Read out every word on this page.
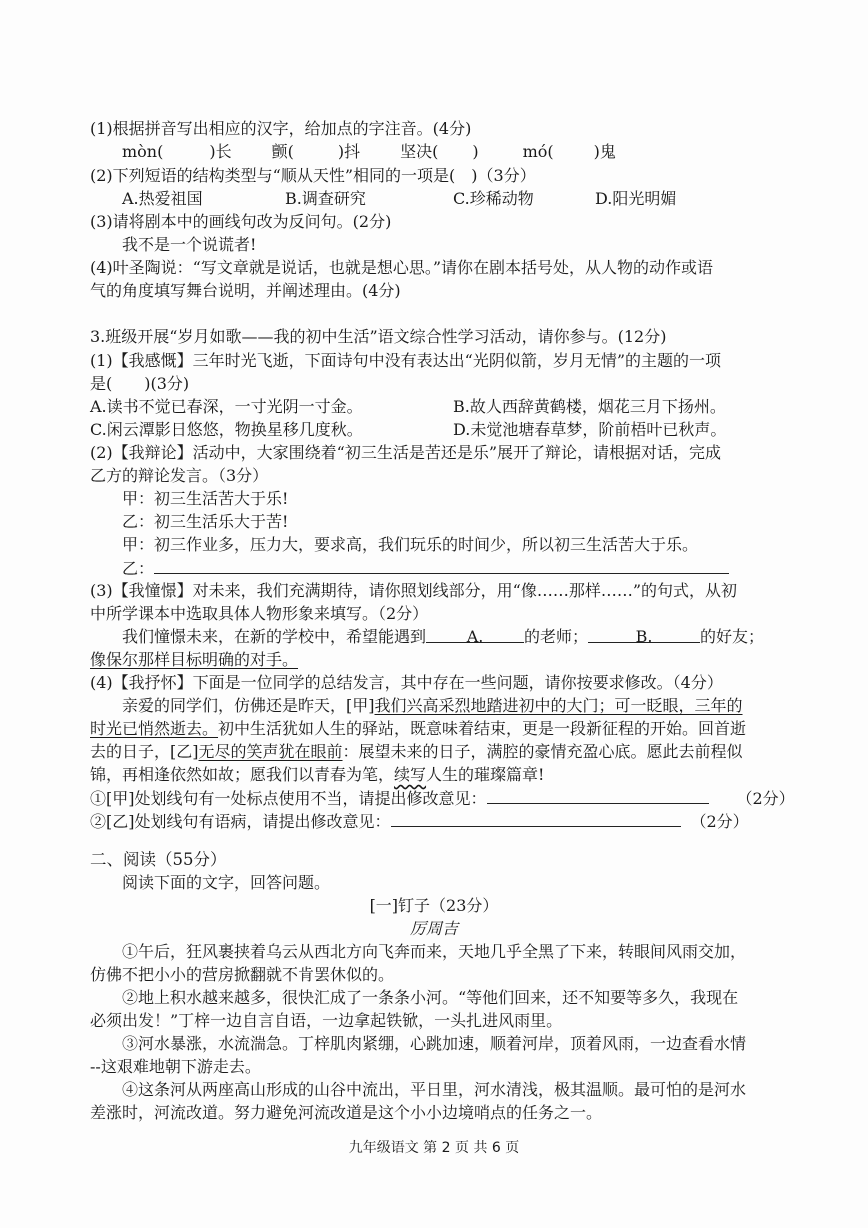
(1)根据拼音写出相应的汉字，给加点的字注音。(4分)
mòn(	)长	颤(	)抖	坚决( )	mó(	)鬼
(2)下列短语的结构类型与“顺从天性”相同的一项是(　)（3分）
A.热爱祖国	B.调查研究	C.珍稀动物	D.阳光明媚
(3)请将剧本中的画线句改为反问句。(2分)
我不是一个说谎者!
(4)叶圣陶说：“写文章就是说话，也就是想心思。”请你在剧本括号处，从人物的动作或语
气的角度填写舞台说明，并阐述理由。(4分)
3.班级开展“岁月如歌——我的初中生活”语文综合性学习活动，请你参与。(12分)
(1)【我感慨】三年时光飞逝，下面诗句中没有表达出“光阴似箭，岁月无情”的主题的一项
是(　　)(3分)
A.读书不觉已春深，一寸光阴一寸金。	B.故人西辞黄鹤楼，烟花三月下扬州。
C.闲云潭影日悠悠，物换星移几度秋。	D.未觉池塘春草梦，阶前梧叶已秋声。
(2)【我辩论】活动中，大家围绕着“初三生活是苦还是乐”展开了辩论，请根据对话，完成
乙方的辩论发言。（3分）
甲：初三生活苦大于乐!
乙：初三生活乐大于苦!
甲：初三作业多，压力大，要求高，我们玩乐的时间少，所以初三生活苦大于乐。
乙：
(3)【我憧憬】对未来，我们充满期待，请你照划线部分，用“像……那样……”的句式，从初
中所学课本中选取具体人物形象来填写。（2分）
我们憧憬未来，在新的学校中，希望能遇到	A.	的老师；	B.	的好友；
像保尔那样目标明确的对手。
(4)【我抒怀】下面是一位同学的总结发言，其中存在一些问题，请你按要求修改。（4分）
亲爱的同学们，仿佛还是昨天，[甲]我们兴高采烈地踏进初中的大门；可一眨眼，三年的
时光已悄然逝去。初中生活犹如人生的驿站，既意味着结束，更是一段新征程的开始。回首逝
去的日子，[乙]无尽的笑声犹在眼前：展望未来的日子，满腔的豪情充盈心底。愿此去前程似
锦，再相逢依然如故；愿我们以青春为笔，续写人生的璀璨篇章!
①[甲]处划线句有一处标点使用不当，请提出修改意见：	（2分）
②[乙]处划线句有语病，请提出修改意见：	（2分）
二、阅读（55分）
阅读下面的文字，回答问题。
[一]钉子（23分）
厉周吉
①午后，狂风裹挟着乌云从西北方向飞奔而来，天地几乎全黑了下来，转眼间风雨交加，
仿佛不把小小的营房掀翻就不肯罢休似的。
②地上积水越来越多，很快汇成了一条条小河。“等他们回来，还不知要等多久，我现在
必须出发！”丁梓一边自言自语，一边拿起铁锨，一头扎进风雨里。
③河水暴涨，水流湍急。丁梓肌肉紧绷，心跳加速，顺着河岸，顶着风雨，一边查看水情
--这艰难地朝下游走去。
④这条河从两座高山形成的山谷中流出，平日里，河水清浅，极其温顺。最可怕的是河水
差涨时，河流改道。努力避免河流改道是这个小小边境哨点的任务之一。
九年级语文 第 2 页 共 6 页
